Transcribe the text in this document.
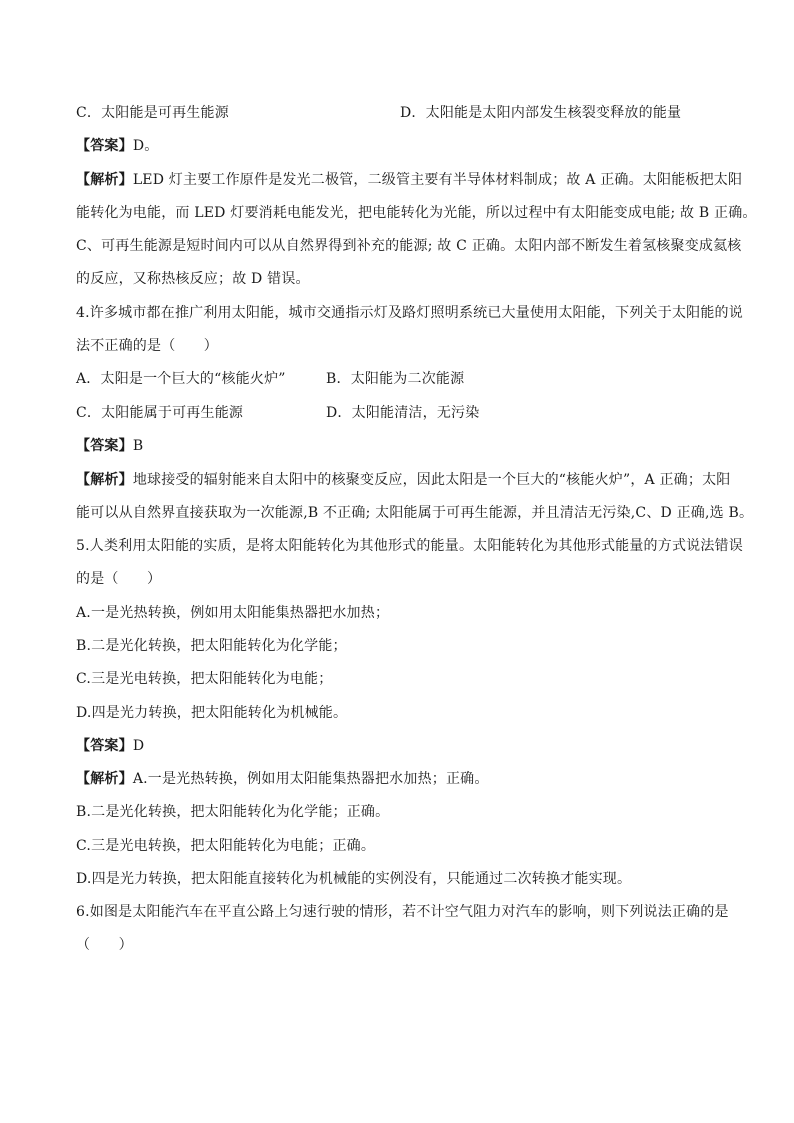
C．太阳能是可再生能源	D．太阳能是太阳内部发生核裂变释放的能量
【答案】D。
【解析】LED 灯主要工作原件是发光二极管，二级管主要有半导体材料制成；故 A 正确。太阳能板把太阳
能转化为电能，而 LED 灯要消耗电能发光，把电能转化为光能，所以过程中有太阳能变成电能; 故 B 正确。
C、可再生能源是短时间内可以从自然界得到补充的能源; 故 C 正确。太阳内部不断发生着氢核聚变成氦核
的反应，又称热核反应；故 D 错误。
4.许多城市都在推广利用太阳能，城市交通指示灯及路灯照明系统已大量使用太阳能，下列关于太阳能的说
法不正确的是（　　）
A．太阳是一个巨大的“核能火炉”	B．太阳能为二次能源
C．太阳能属于可再生能源	D．太阳能清洁，无污染
【答案】B
【解析】地球接受的辐射能来自太阳中的核聚变反应，因此太阳是一个巨大的“核能火炉”，A 正确；太阳
能可以从自然界直接获取为一次能源,B 不正确; 太阳能属于可再生能源，并且清洁无污染,C、D 正确,选 B。
5.人类利用太阳能的实质，是将太阳能转化为其他形式的能量。太阳能转化为其他形式能量的方式说法错误
的是（　　）
A.一是光热转换，例如用太阳能集热器把水加热；
B.二是光化转换，把太阳能转化为化学能；
C.三是光电转换，把太阳能转化为电能；
D.四是光力转换，把太阳能转化为机械能。
【答案】D
【解析】A.一是光热转换，例如用太阳能集热器把水加热；正确。
B.二是光化转换，把太阳能转化为化学能；正确。
C.三是光电转换，把太阳能转化为电能；正确。
D.四是光力转换，把太阳能直接转化为机械能的实例没有，只能通过二次转换才能实现。
6.如图是太阳能汽车在平直公路上匀速行驶的情形，若不计空气阻力对汽车的影响，则下列说法正确的是
（　　）
